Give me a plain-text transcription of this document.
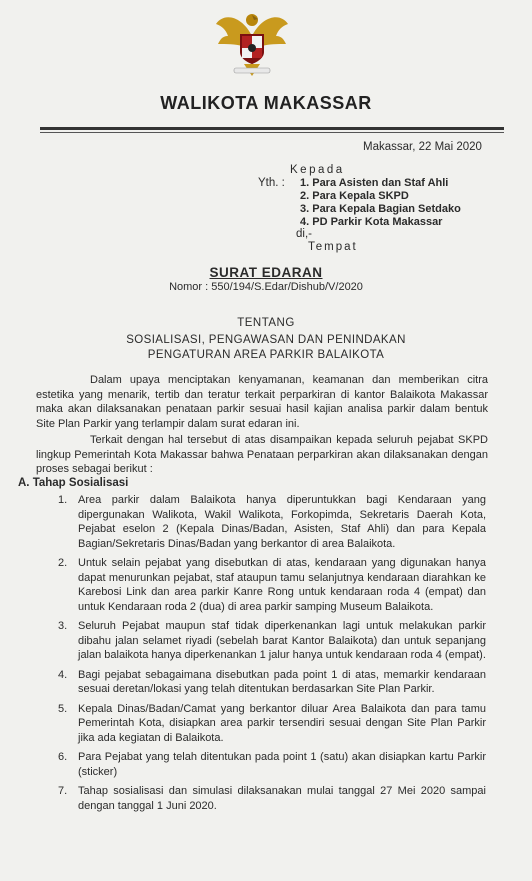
WALIKOTA MAKASSAR
Makassar, 22 Mai 2020
Kepada
Yth. : 1. Para Asisten dan Staf Ahli
2. Para Kepala SKPD
3. Para Kepala Bagian Setdako
4. PD Parkir Kota Makassar
di,-
Tempat
SURAT EDARAN
Nomor : 550/194/S.Edar/Dishub/V/2020
TENTANG
SOSIALISASI, PENGAWASAN DAN PENINDAKAN
PENGATURAN AREA PARKIR BALAIKOTA
Dalam upaya menciptakan kenyamanan, keamanan dan memberikan citra estetika yang menarik, tertib dan teratur terkait perparkiran di kantor Balaikota Makassar maka akan dilaksanakan penataan parkir sesuai hasil kajian analisa parkir dalam bentuk Site Plan Parkir yang terlampir dalam surat edaran ini.
Terkait dengan hal tersebut di atas disampaikan kepada seluruh pejabat SKPD lingkup Pemerintah Kota Makassar bahwa Penataan perparkiran akan dilaksanakan dengan proses sebagai berikut :
A. Tahap Sosialisasi
1. Area parkir dalam Balaikota hanya diperuntukkan bagi Kendaraan yang dipergunakan Walikota, Wakil Walikota, Forkopimda, Sekretaris Daerah Kota, Pejabat eselon 2 (Kepala Dinas/Badan, Asisten, Staf Ahli) dan para Kepala Bagian/Sekretaris Dinas/Badan yang berkantor di area Balaikota.
2. Untuk selain pejabat yang disebutkan di atas, kendaraan yang digunakan hanya dapat menurunkan pejabat, staf ataupun tamu selanjutnya kendaraan diarahkan ke Karebosi Link dan area parkir Kanre Rong untuk kendaraan roda 4 (empat) dan untuk Kendaraan roda 2 (dua) di area parkir samping Museum Balaikota.
3. Seluruh Pejabat maupun staf tidak diperkenankan lagi untuk melakukan parkir dibahu jalan selamet riyadi (sebelah barat Kantor Balaikota) dan untuk sepanjang jalan balaikota hanya diperkenankan 1 jalur hanya untuk kendaraan roda 4 (empat).
4. Bagi pejabat sebagaimana disebutkan pada point 1 di atas, memarkir kendaraan sesuai deretan/lokasi yang telah ditentukan berdasarkan Site Plan Parkir.
5. Kepala Dinas/Badan/Camat yang berkantor diluar Area Balaikota dan para tamu Pemerintah Kota, disiapkan area parkir tersendiri sesuai dengan Site Plan Parkir jika ada kegiatan di Balaikota.
6. Para Pejabat yang telah ditentukan pada point 1 (satu) akan disiapkan kartu Parkir (sticker)
7. Tahap sosialisasi dan simulasi dilaksanakan mulai tanggal 27 Mei 2020 sampai dengan tanggal 1 Juni 2020.
